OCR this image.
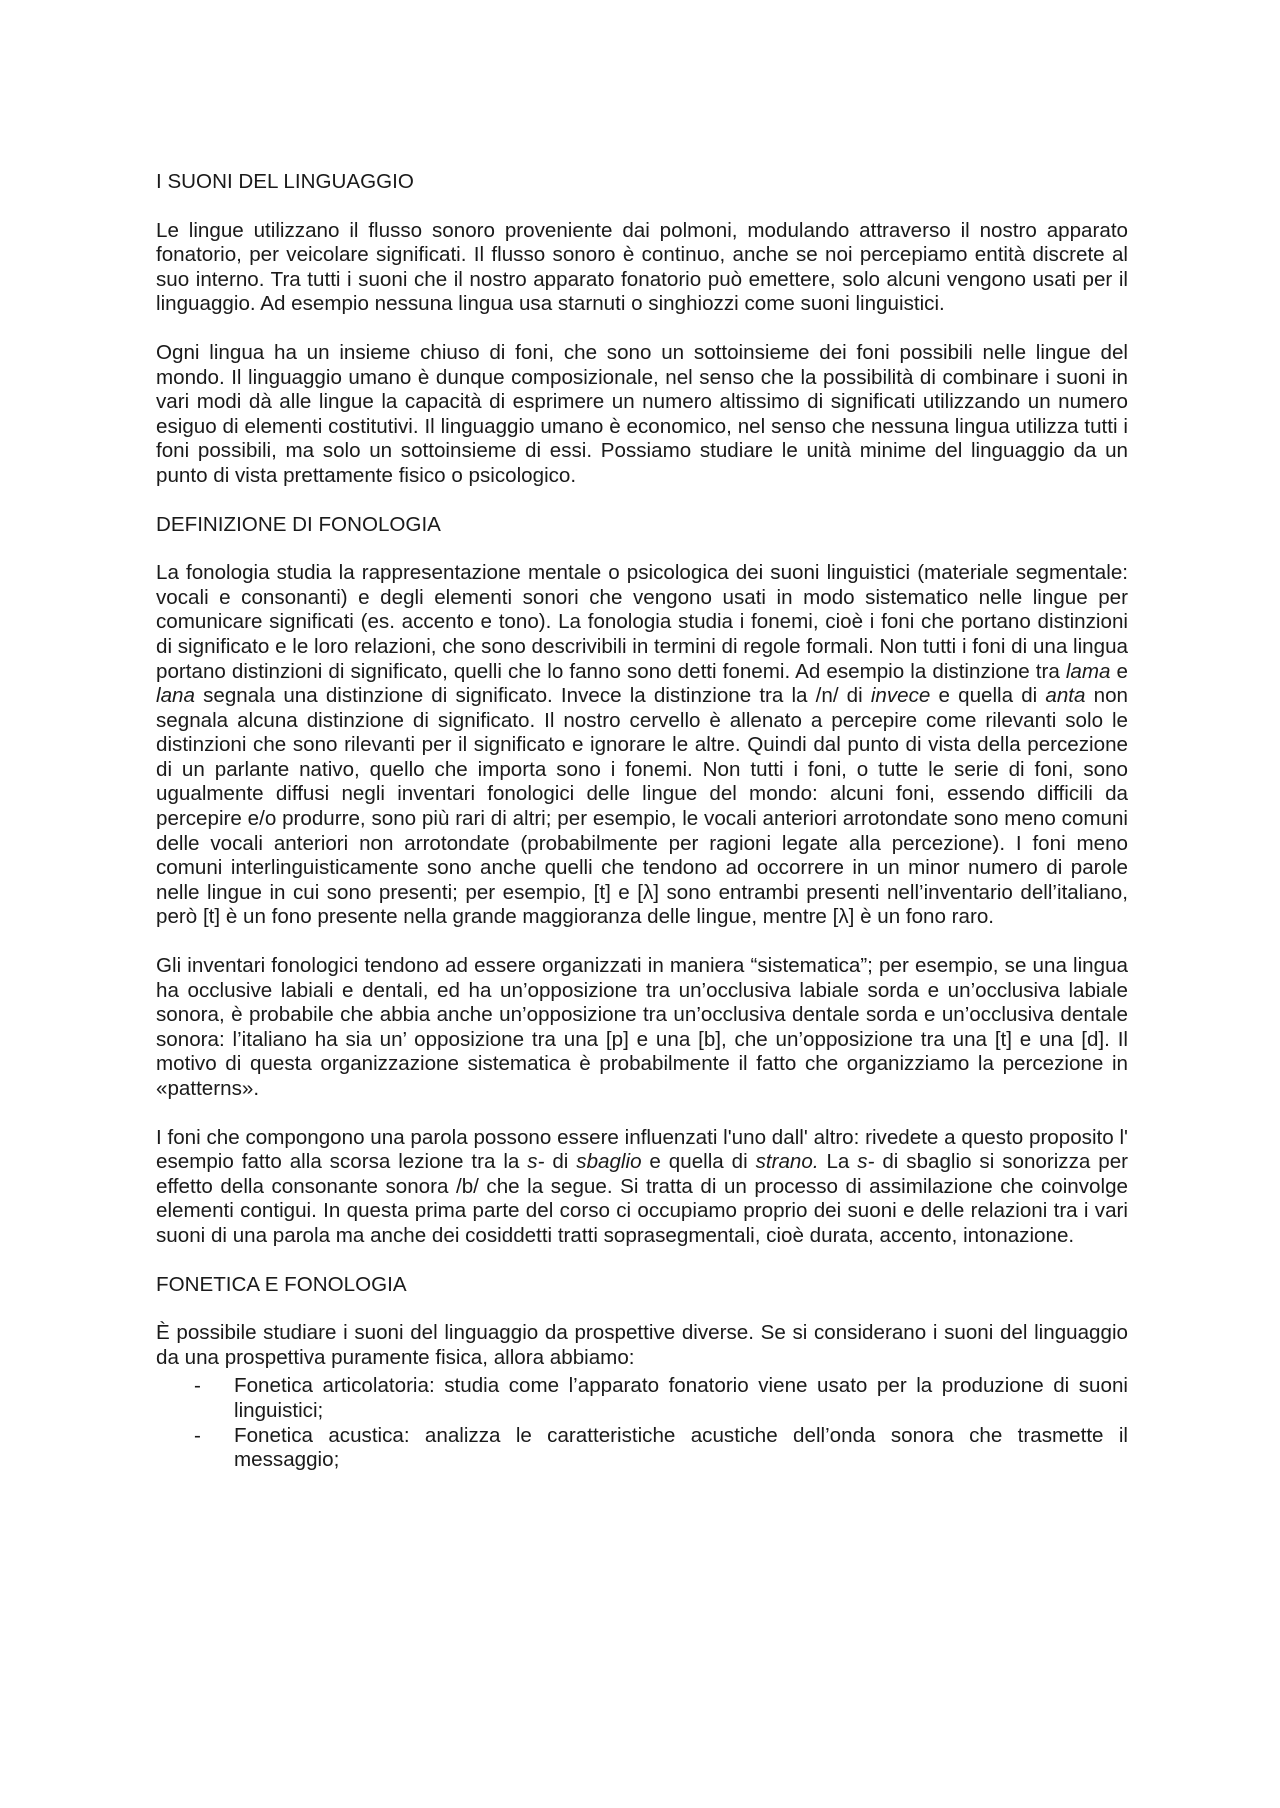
I SUONI DEL LINGUAGGIO

Le lingue utilizzano il flusso sonoro proveniente dai polmoni, modulando attraverso il nostro apparato fonatorio, per veicolare significati. Il flusso sonoro è continuo, anche se noi percepiamo entità discrete al suo interno. Tra tutti i suoni che il nostro apparato fonatorio può emettere, solo alcuni vengono usati per il linguaggio. Ad esempio nessuna lingua usa starnuti o singhiozzi come suoni linguistici.

Ogni lingua ha un insieme chiuso di foni, che sono un sottoinsieme dei foni possibili nelle lingue del mondo. Il linguaggio umano è dunque composizionale, nel senso che la possibilità di combinare i suoni in vari modi dà alle lingue la capacità di esprimere un numero altissimo di significati utilizzando un numero esiguo di elementi costitutivi. Il linguaggio umano è economico, nel senso che nessuna lingua utilizza tutti i foni possibili, ma solo un sottoinsieme di essi. Possiamo studiare le unità minime del linguaggio da un punto di vista prettamente fisico o psicologico.

DEFINIZIONE DI FONOLOGIA

La fonologia studia la rappresentazione mentale o psicologica dei suoni linguistici (materiale segmentale: vocali e consonanti) e degli elementi sonori che vengono usati in modo sistematico nelle lingue per comunicare significati (es. accento e tono). La fonologia studia i fonemi, cioè i foni che portano distinzioni di significato e le loro relazioni, che sono descrivibili in termini di regole formali. Non tutti i foni di una lingua portano distinzioni di significato, quelli che lo fanno sono detti fonemi. Ad esempio la distinzione tra lama e lana segnala una distinzione di significato. Invece la distinzione tra la /n/ di invece e quella di anta non segnala alcuna distinzione di significato. Il nostro cervello è allenato a percepire come rilevanti solo le distinzioni che sono rilevanti per il significato e ignorare le altre. Quindi dal punto di vista della percezione di un parlante nativo, quello che importa sono i fonemi. Non tutti i foni, o tutte le serie di foni, sono ugualmente diffusi negli inventari fonologici delle lingue del mondo: alcuni foni, essendo difficili da percepire e/o produrre, sono più rari di altri; per esempio, le vocali anteriori arrotondate sono meno comuni delle vocali anteriori non arrotondate (probabilmente per ragioni legate alla percezione). I foni meno comuni interlinguisticamente sono anche quelli che tendono ad occorrere in un minor numero di parole nelle lingue in cui sono presenti; per esempio, [t] e [λ] sono entrambi presenti nell’inventario dell’italiano, però [t] è un fono presente nella grande maggioranza delle lingue, mentre [λ] è un fono raro.

Gli inventari fonologici tendono ad essere organizzati in maniera “sistematica”; per esempio, se una lingua ha occlusive labiali e dentali, ed ha un’opposizione tra un’occlusiva labiale sorda e un’occlusiva labiale sonora, è probabile che abbia anche un’opposizione tra un’occlusiva dentale sorda e un’occlusiva dentale sonora: l’italiano ha sia un’ opposizione tra una [p] e una [b], che un’opposizione tra una [t] e una [d]. Il motivo di questa organizzazione sistematica è probabilmente il fatto che organizziamo la percezione in «patterns».

I foni che compongono una parola possono essere influenzati l'uno dall' altro: rivedete a questo proposito l' esempio fatto alla scorsa lezione tra la s- di sbaglio e quella di strano. La s- di sbaglio si sonorizza per effetto della consonante sonora /b/ che la segue. Si tratta di un processo di assimilazione che coinvolge elementi contigui. In questa prima parte del corso ci occupiamo proprio dei suoni e delle relazioni tra i vari suoni di una parola ma anche dei cosiddetti tratti soprasegmentali, cioè durata, accento, intonazione.

FONETICA E FONOLOGIA

È possibile studiare i suoni del linguaggio da prospettive diverse. Se si considerano i suoni del linguaggio da una prospettiva puramente fisica, allora abbiamo:

- Fonetica articolatoria: studia come l’apparato fonatorio viene usato per la produzione di suoni linguistici;
- Fonetica acustica: analizza le caratteristiche acustiche dell’onda sonora che trasmette il messaggio;
